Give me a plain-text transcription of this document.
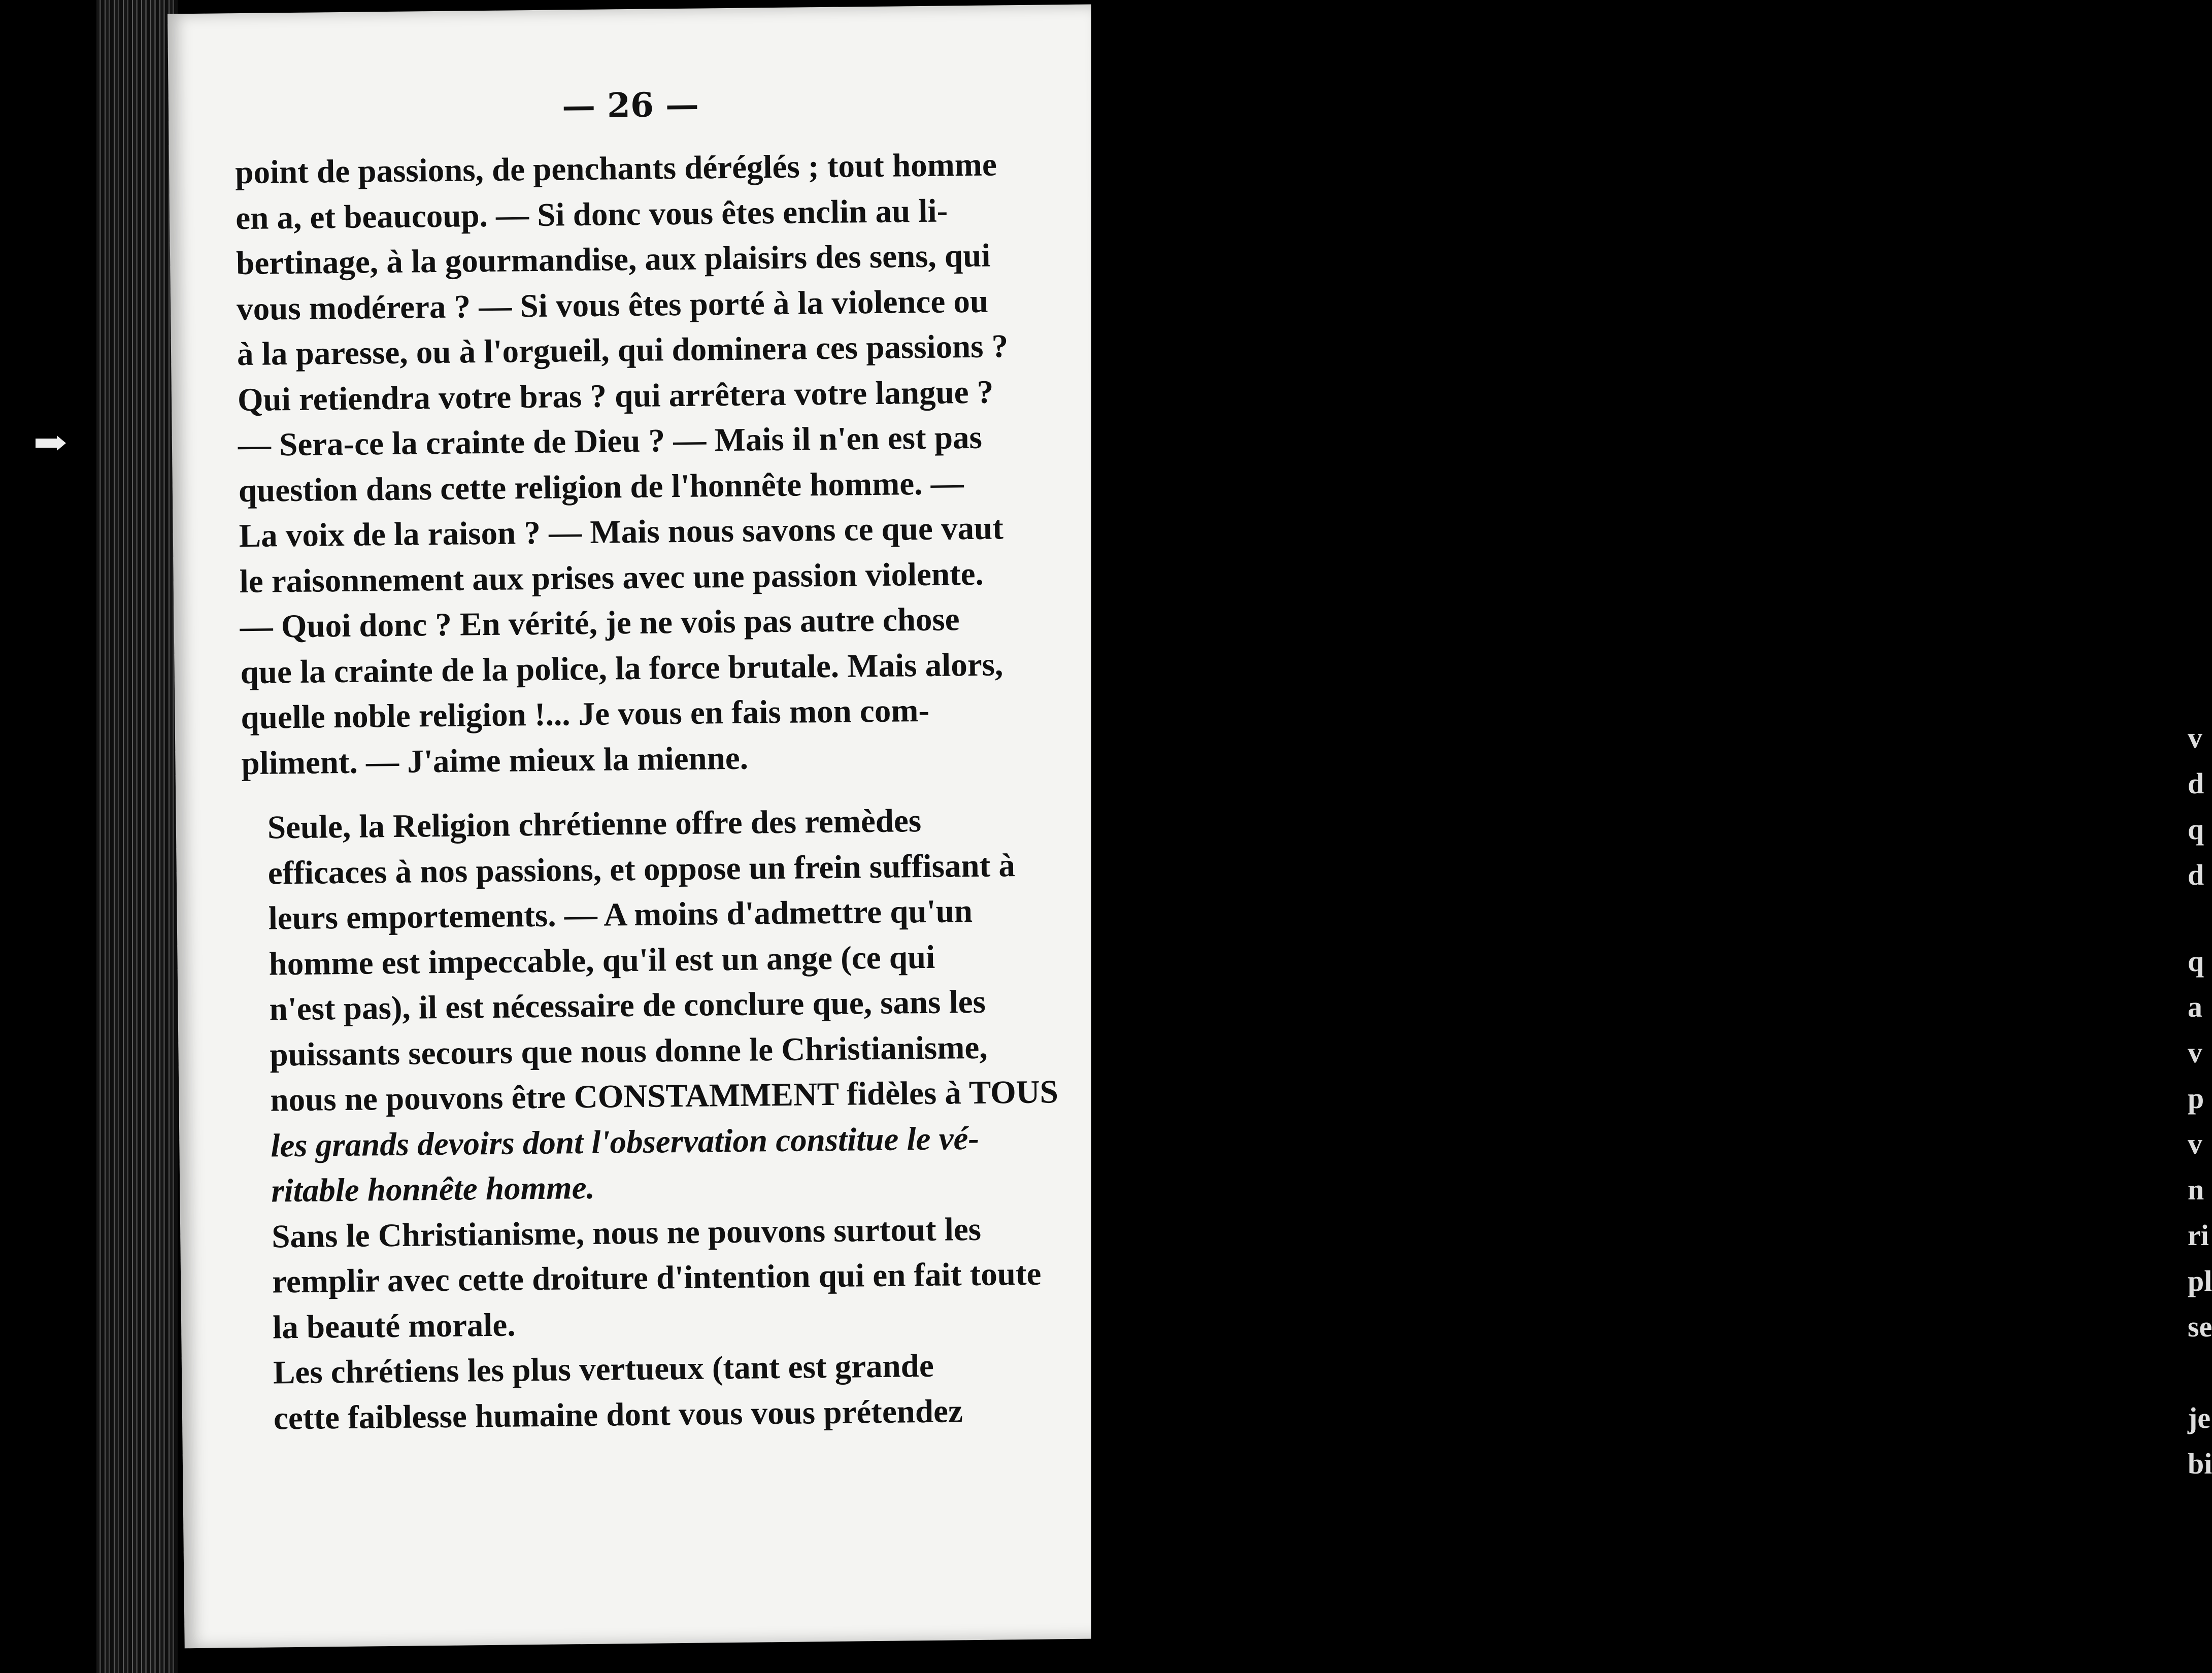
— 26 —

point de passions, de penchants déréglés ; tout homme
en a, et beaucoup. — Si donc vous êtes enclin au li-
bertinage, à la gourmandise, aux plaisirs des sens, qui
vous modérera ? — Si vous êtes porté à la violence ou
à la paresse, ou à l'orgueil, qui dominera ces passions ?
Qui retiendra votre bras ? qui arrêtera votre langue ?
— Sera-ce la crainte de Dieu ? — Mais il n'en est pas
question dans cette religion de l'honnête homme. —
La voix de la raison ? — Mais nous savons ce que vaut
le raisonnement aux prises avec une passion violente.
— Quoi donc ? En vérité, je ne vois pas autre chose
que la crainte de la police, la force brutale. Mais alors,
quelle noble religion !... Je vous en fais mon com-
pliment. — J'aime mieux la mienne.

Seule, la Religion chrétienne offre des remèdes
efficaces à nos passions, et oppose un frein suffisant à
leurs emportements. — A moins d'admettre qu'un
homme est impeccable, qu'il est un ange (ce qui
n'est pas), il est nécessaire de conclure que, sans les
puissants secours que nous donne le Christianisme,
nous ne pouvons être CONSTAMMENT fidèles à TOUS
les grands devoirs dont l'observation constitue le vé-
ritable honnête homme.

Sans le Christianisme, nous ne pouvons surtout les
remplir avec cette droiture d'intention qui en fait toute
la beauté morale.

Les chrétiens les plus vertueux (tant est grande
cette faiblesse humaine dont vous vous prétendez

v
d
q
d
q
a
v
p
v
n
ri
pl
se
je
bi
